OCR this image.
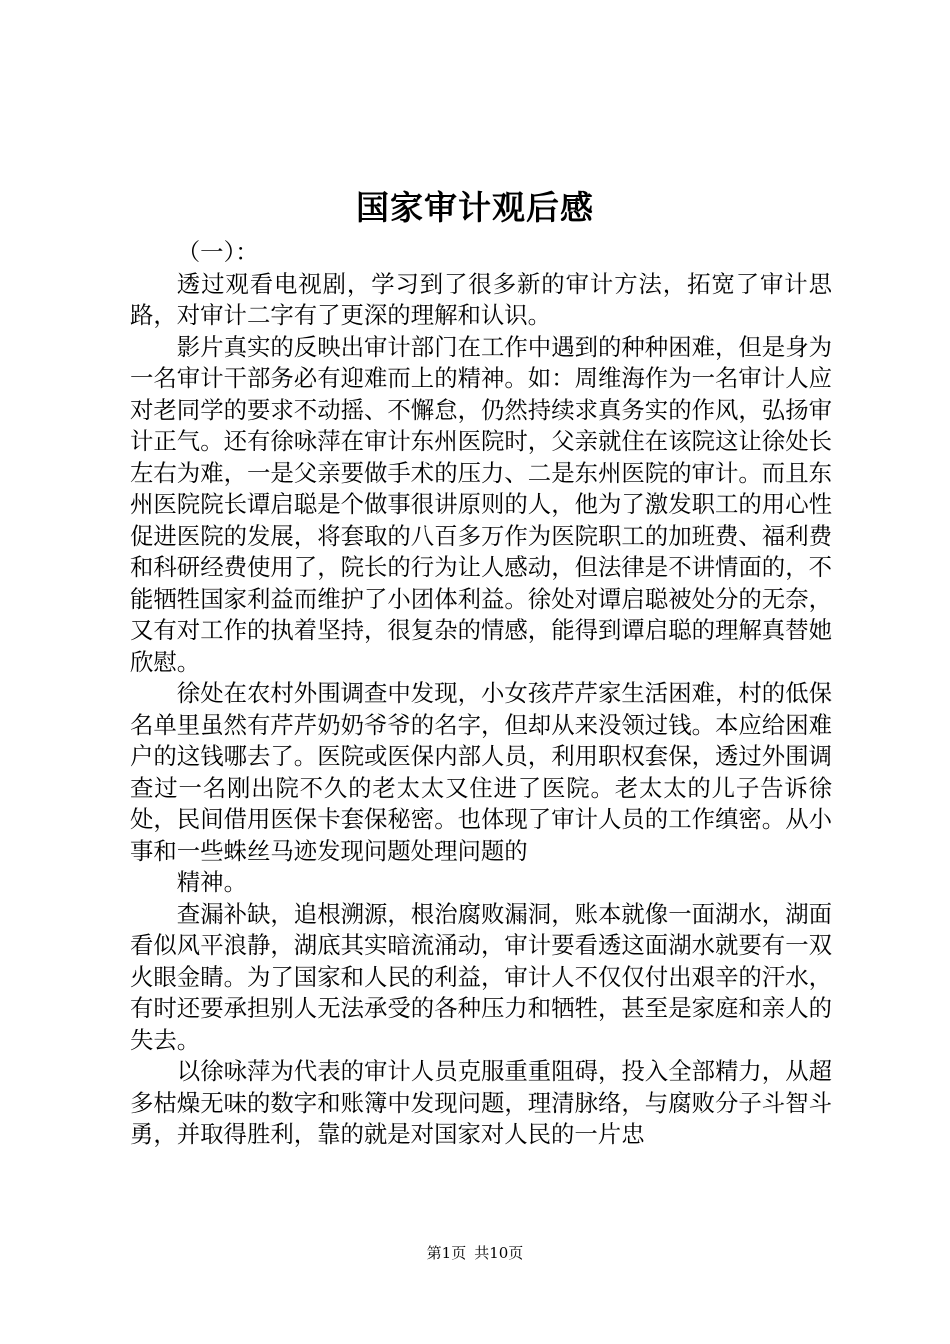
国家审计观后感

（一）：

透过观看电视剧，学习到了很多新的审计方法，拓宽了审计思路，对审计二字有了更深的理解和认识。

影片真实的反映出审计部门在工作中遇到的种种困难，但是身为一名审计干部务必有迎难而上的精神。如：周维海作为一名审计人应对老同学的要求不动摇、不懈怠，仍然持续求真务实的作风，弘扬审计正气。还有徐咏萍在审计东州医院时，父亲就住在该院这让徐处长左右为难，一是父亲要做手术的压力、二是东州医院的审计。而且东州医院院长谭启聪是个做事很讲原则的人，他为了激发职工的用心性促进医院的发展，将套取的八百多万作为医院职工的加班费、福利费和科研经费使用了，院长的行为让人感动，但法律是不讲情面的，不能牺牲国家利益而维护了小团体利益。徐处对谭启聪被处分的无奈，又有对工作的执着坚持，很复杂的情感，能得到谭启聪的理解真替她欣慰。

徐处在农村外围调查中发现，小女孩芹芹家生活困难，村的低保名单里虽然有芹芹奶奶爷爷的名字，但却从来没领过钱。本应给困难户的这钱哪去了。医院或医保内部人员，利用职权套保，透过外围调查过一名刚出院不久的老太太又住进了医院。老太太的儿子告诉徐处，民间借用医保卡套保秘密。也体现了审计人员的工作缜密。从小事和一些蛛丝马迹发现问题处理问题的

精神。

查漏补缺，追根溯源，根治腐败漏洞，账本就像一面湖水，湖面看似风平浪静，湖底其实暗流涌动，审计要看透这面湖水就要有一双火眼金睛。为了国家和人民的利益，审计人不仅仅付出艰辛的汗水，有时还要承担别人无法承受的各种压力和牺牲，甚至是家庭和亲人的失去。

以徐咏萍为代表的审计人员克服重重阻碍，投入全部精力，从超多枯燥无味的数字和账簿中发现问题，理清脉络，与腐败分子斗智斗勇，并取得胜利，靠的就是对国家对人民的一片忠

第1页 共10页
